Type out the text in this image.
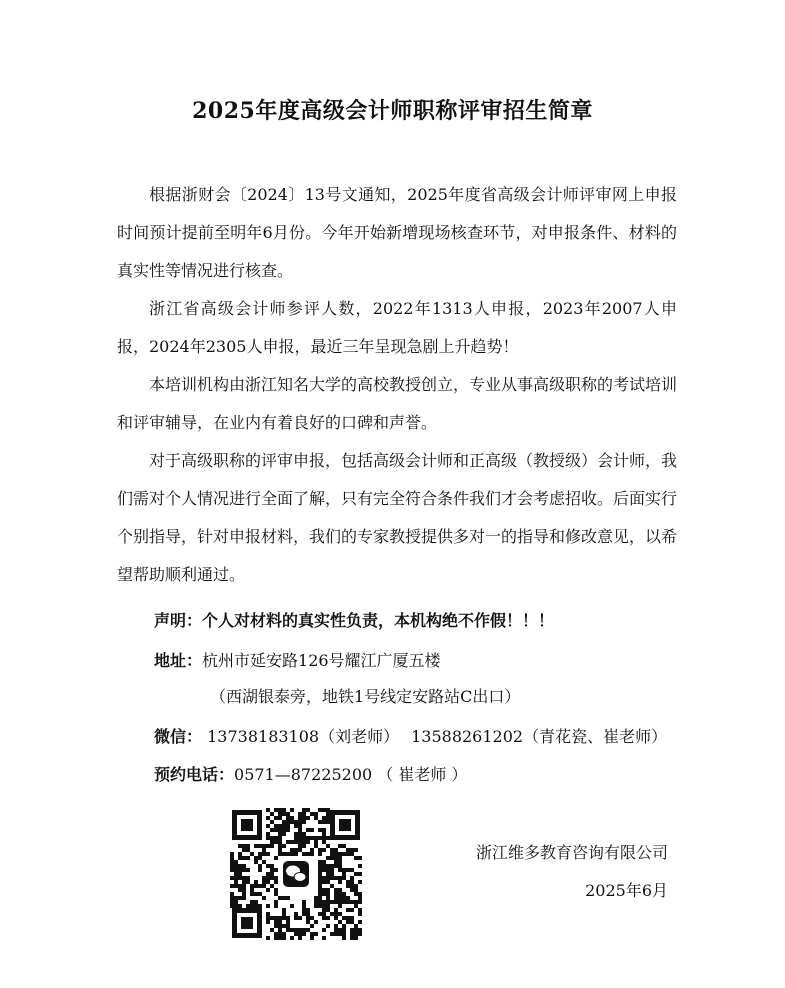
2025年度高级会计师职称评审招生简章

根据浙财会〔2024〕13号文通知，2025年度省高级会计师评审网上申报时间预计提前至明年6月份。今年开始新增现场核查环节，对申报条件、材料的真实性等情况进行核查。

浙江省高级会计师参评人数，2022年1313人申报，2023年2007人申报，2024年2305人申报，最近三年呈现急剧上升趋势！

本培训机构由浙江知名大学的高校教授创立，专业从事高级职称的考试培训和评审辅导，在业内有着良好的口碑和声誉。

对于高级职称的评审申报，包括高级会计师和正高级（教授级）会计师，我们需对个人情况进行全面了解，只有完全符合条件我们才会考虑招收。后面实行个别指导，针对申报材料，我们的专家教授提供多对一的指导和修改意见，以希望帮助顺利通过。

声明：个人对材料的真实性负责，本机构绝不作假！！！
地址：杭州市延安路126号耀江广厦五楼
（西湖银泰旁，地铁1号线定安路站C出口）
微信： 13738183108（刘老师） 13588261202（青花瓷、崔老师）
预约电话：0571—87225200 （ 崔老师 ）
浙江维多教育咨询有限公司
2025年6月
